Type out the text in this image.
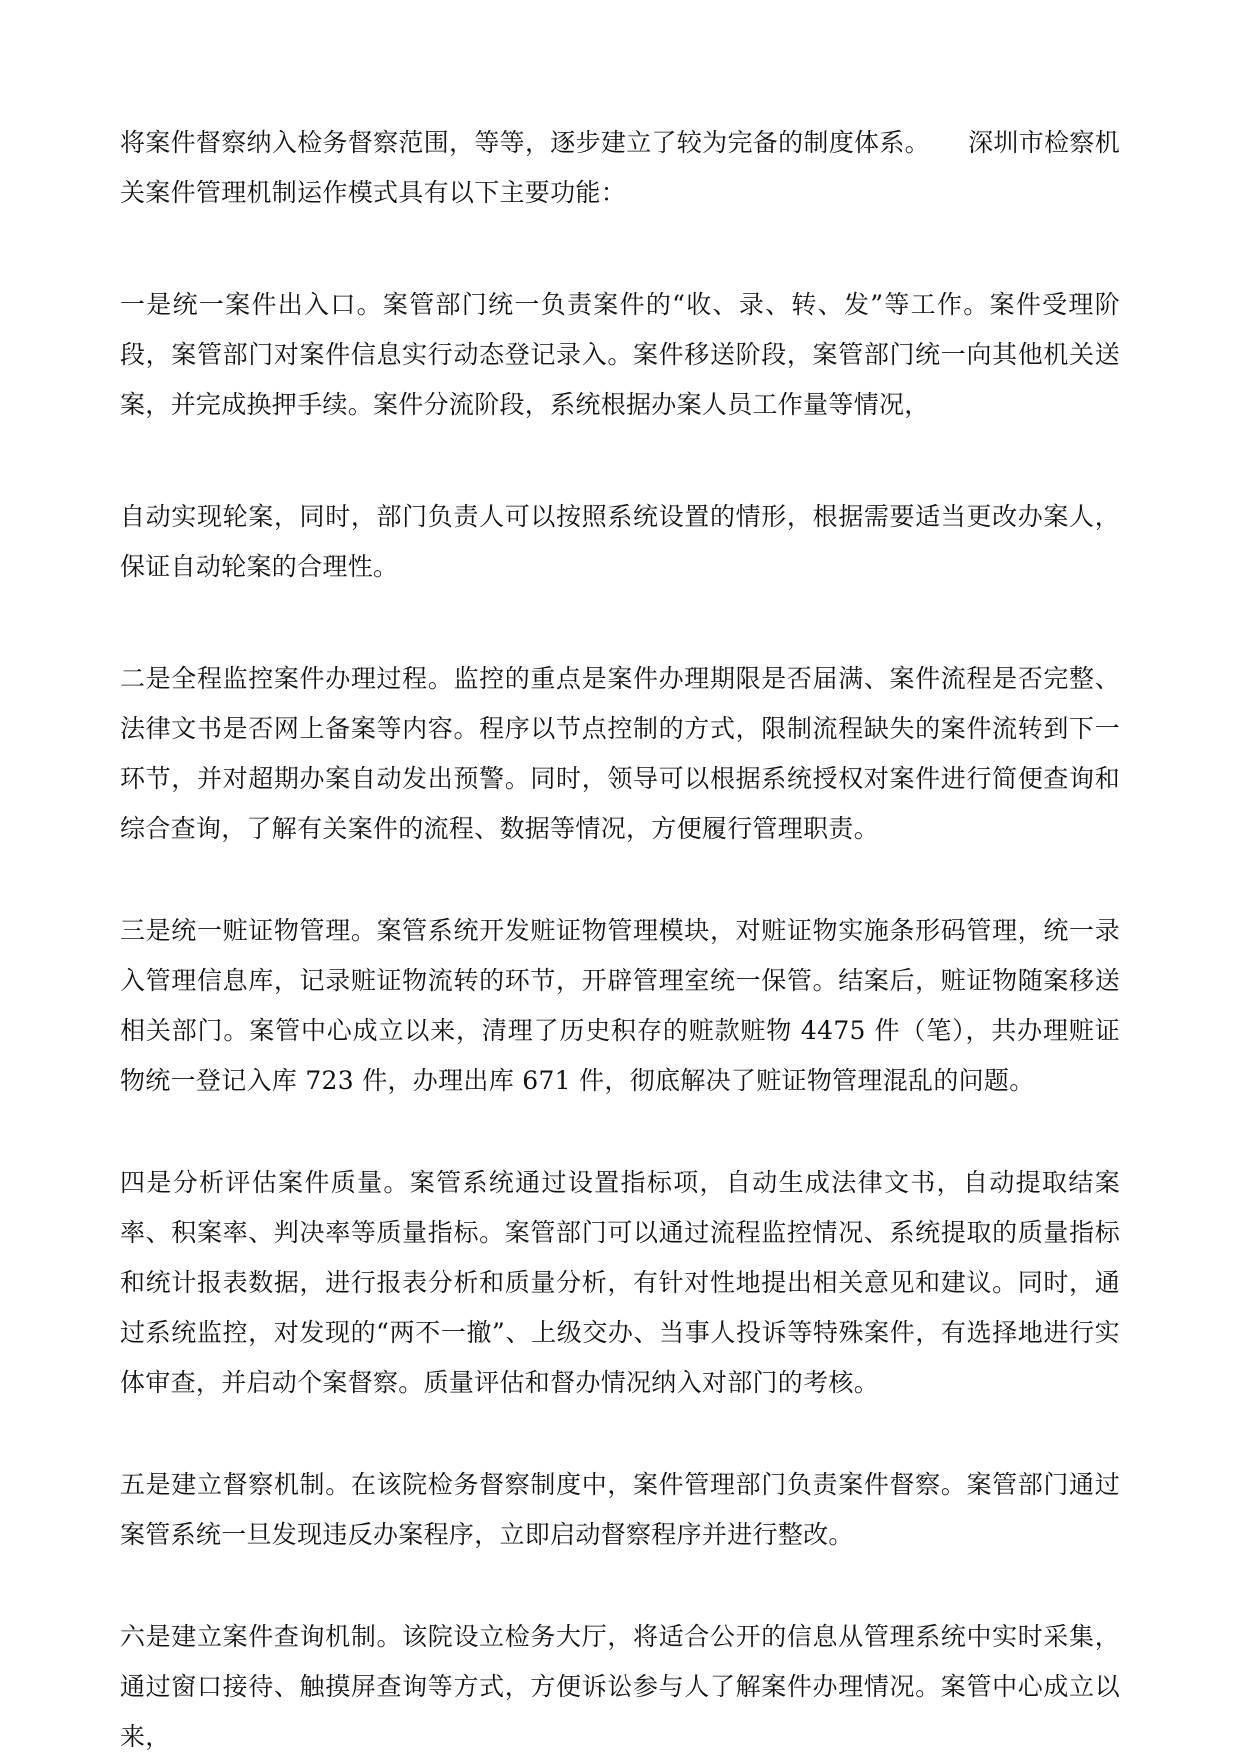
将案件督察纳入检务督察范围，等等，逐步建立了较为完备的制度体系。　　深圳市检察机关案件管理机制运作模式具有以下主要功能：

一是统一案件出入口。案管部门统一负责案件的“收、录、转、发”等工作。案件受理阶段，案管部门对案件信息实行动态登记录入。案件移送阶段，案管部门统一向其他机关送案，并完成换押手续。案件分流阶段，系统根据办案人员工作量等情况，

自动实现轮案，同时，部门负责人可以按照系统设置的情形，根据需要适当更改办案人，保证自动轮案的合理性。

二是全程监控案件办理过程。监控的重点是案件办理期限是否届满、案件流程是否完整、法律文书是否网上备案等内容。程序以节点控制的方式，限制流程缺失的案件流转到下一环节，并对超期办案自动发出预警。同时，领导可以根据系统授权对案件进行简便查询和综合查询，了解有关案件的流程、数据等情况，方便履行管理职责。

三是统一赃证物管理。案管系统开发赃证物管理模块，对赃证物实施条形码管理，统一录入管理信息库，记录赃证物流转的环节，开辟管理室统一保管。结案后，赃证物随案移送相关部门。案管中心成立以来，清理了历史积存的赃款赃物 4475 件（笔），共办理赃证物统一登记入库 723 件，办理出库 671 件，彻底解决了赃证物管理混乱的问题。

四是分析评估案件质量。案管系统通过设置指标项，自动生成法律文书，自动提取结案率、积案率、判决率等质量指标。案管部门可以通过流程监控情况、系统提取的质量指标和统计报表数据，进行报表分析和质量分析，有针对性地提出相关意见和建议。同时，通过系统监控，对发现的“两不一撤”、上级交办、当事人投诉等特殊案件，有选择地进行实体审查，并启动个案督察。质量评估和督办情况纳入对部门的考核。

五是建立督察机制。在该院检务督察制度中，案件管理部门负责案件督察。案管部门通过案管系统一旦发现违反办案程序，立即启动督察程序并进行整改。

六是建立案件查询机制。该院设立检务大厅，将适合公开的信息从管理系统中实时采集，通过窗口接待、触摸屏查询等方式，方便诉讼参与人了解案件办理情况。案管中心成立以来，
